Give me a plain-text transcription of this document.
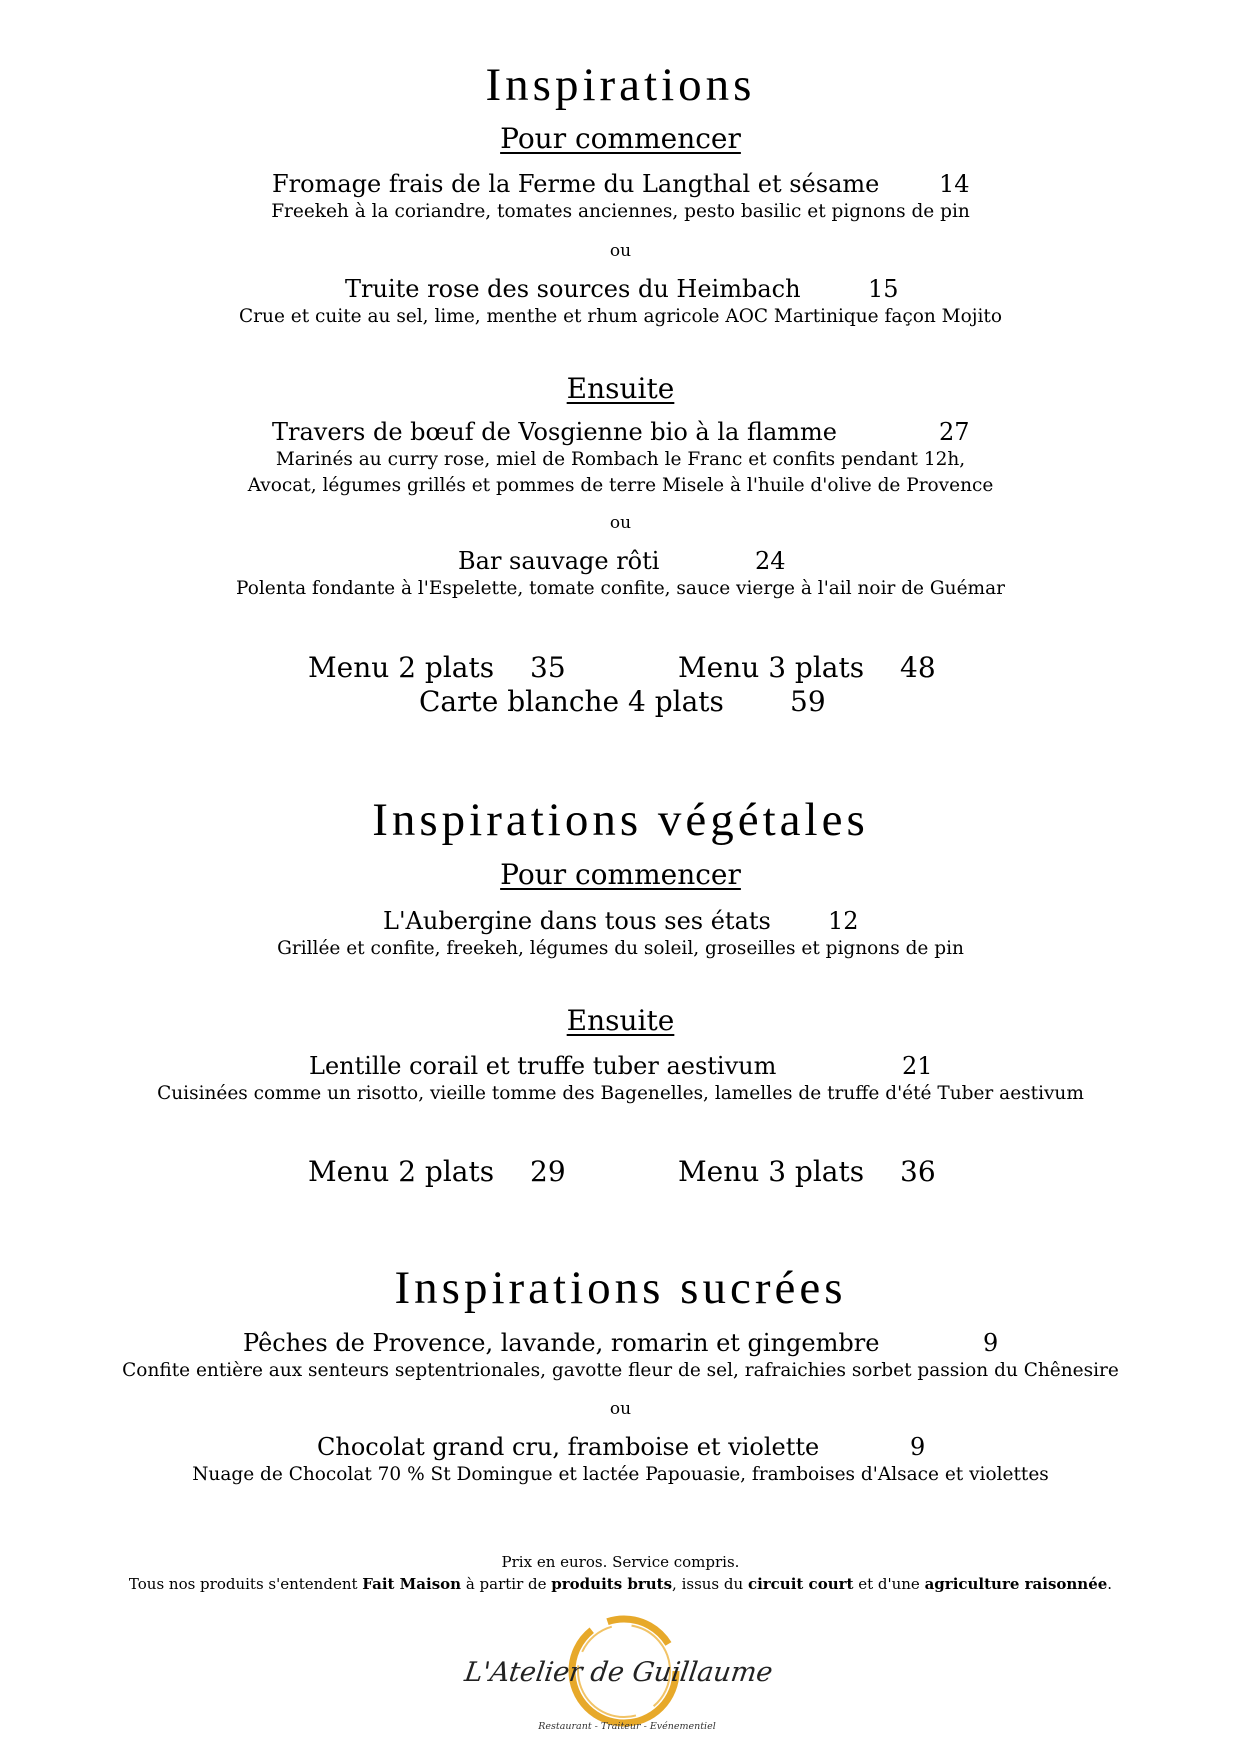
Inspirations
Pour commencer
Fromage frais de la Ferme du Langthal et sésame 14
Freekeh à la coriandre, tomates anciennes, pesto basilic et pignons de pin
ou
Truite rose des sources du Heimbach	15
Crue et cuite au sel, lime, menthe et rhum agricole AOC Martinique façon Mojito
Ensuite
Travers de bœuf de Vosgienne bio à la flamme	27
Marinés au curry rose, miel de Rombach le Franc et confits pendant 12h,
Avocat, légumes grillés et pommes de terre Misele à l'huile d'olive de Provence
ou
Bar sauvage rôti	24
Polenta fondante à l'Espelette, tomate confite, sauce vierge à l'ail noir de Guémar
Menu 2 plats 35	Menu 3 plats 48
Carte blanche 4 plats 59
Inspirations végétales
Pour commencer
L'Aubergine dans tous ses états 12
Grillée et confite, freekeh, légumes du soleil, groseilles et pignons de pin
Ensuite
Lentille corail et truffe tuber aestivum	21
Cuisinées comme un risotto, vieille tomme des Bagenelles, lamelles de truffe d'été Tuber aestivum
Menu 2 plats 29	Menu 3 plats 36
Inspirations sucrées
Pêches de Provence, lavande, romarin et gingembre	9
Confite entière aux senteurs septentrionales, gavotte fleur de sel, rafraichies sorbet passion du Chênesire
ou
Chocolat grand cru, framboise et violette	9
Nuage de Chocolat 70 % St Domingue et lactée Papouasie, framboises d'Alsace et violettes
Prix en euros. Service compris.
Tous nos produits s'entendent Fait Maison à partir de produits bruts, issus du circuit court et d'une agriculture raisonnée.
L'Atelier de Guillaume
Restaurant - Traiteur - Evénementiel
